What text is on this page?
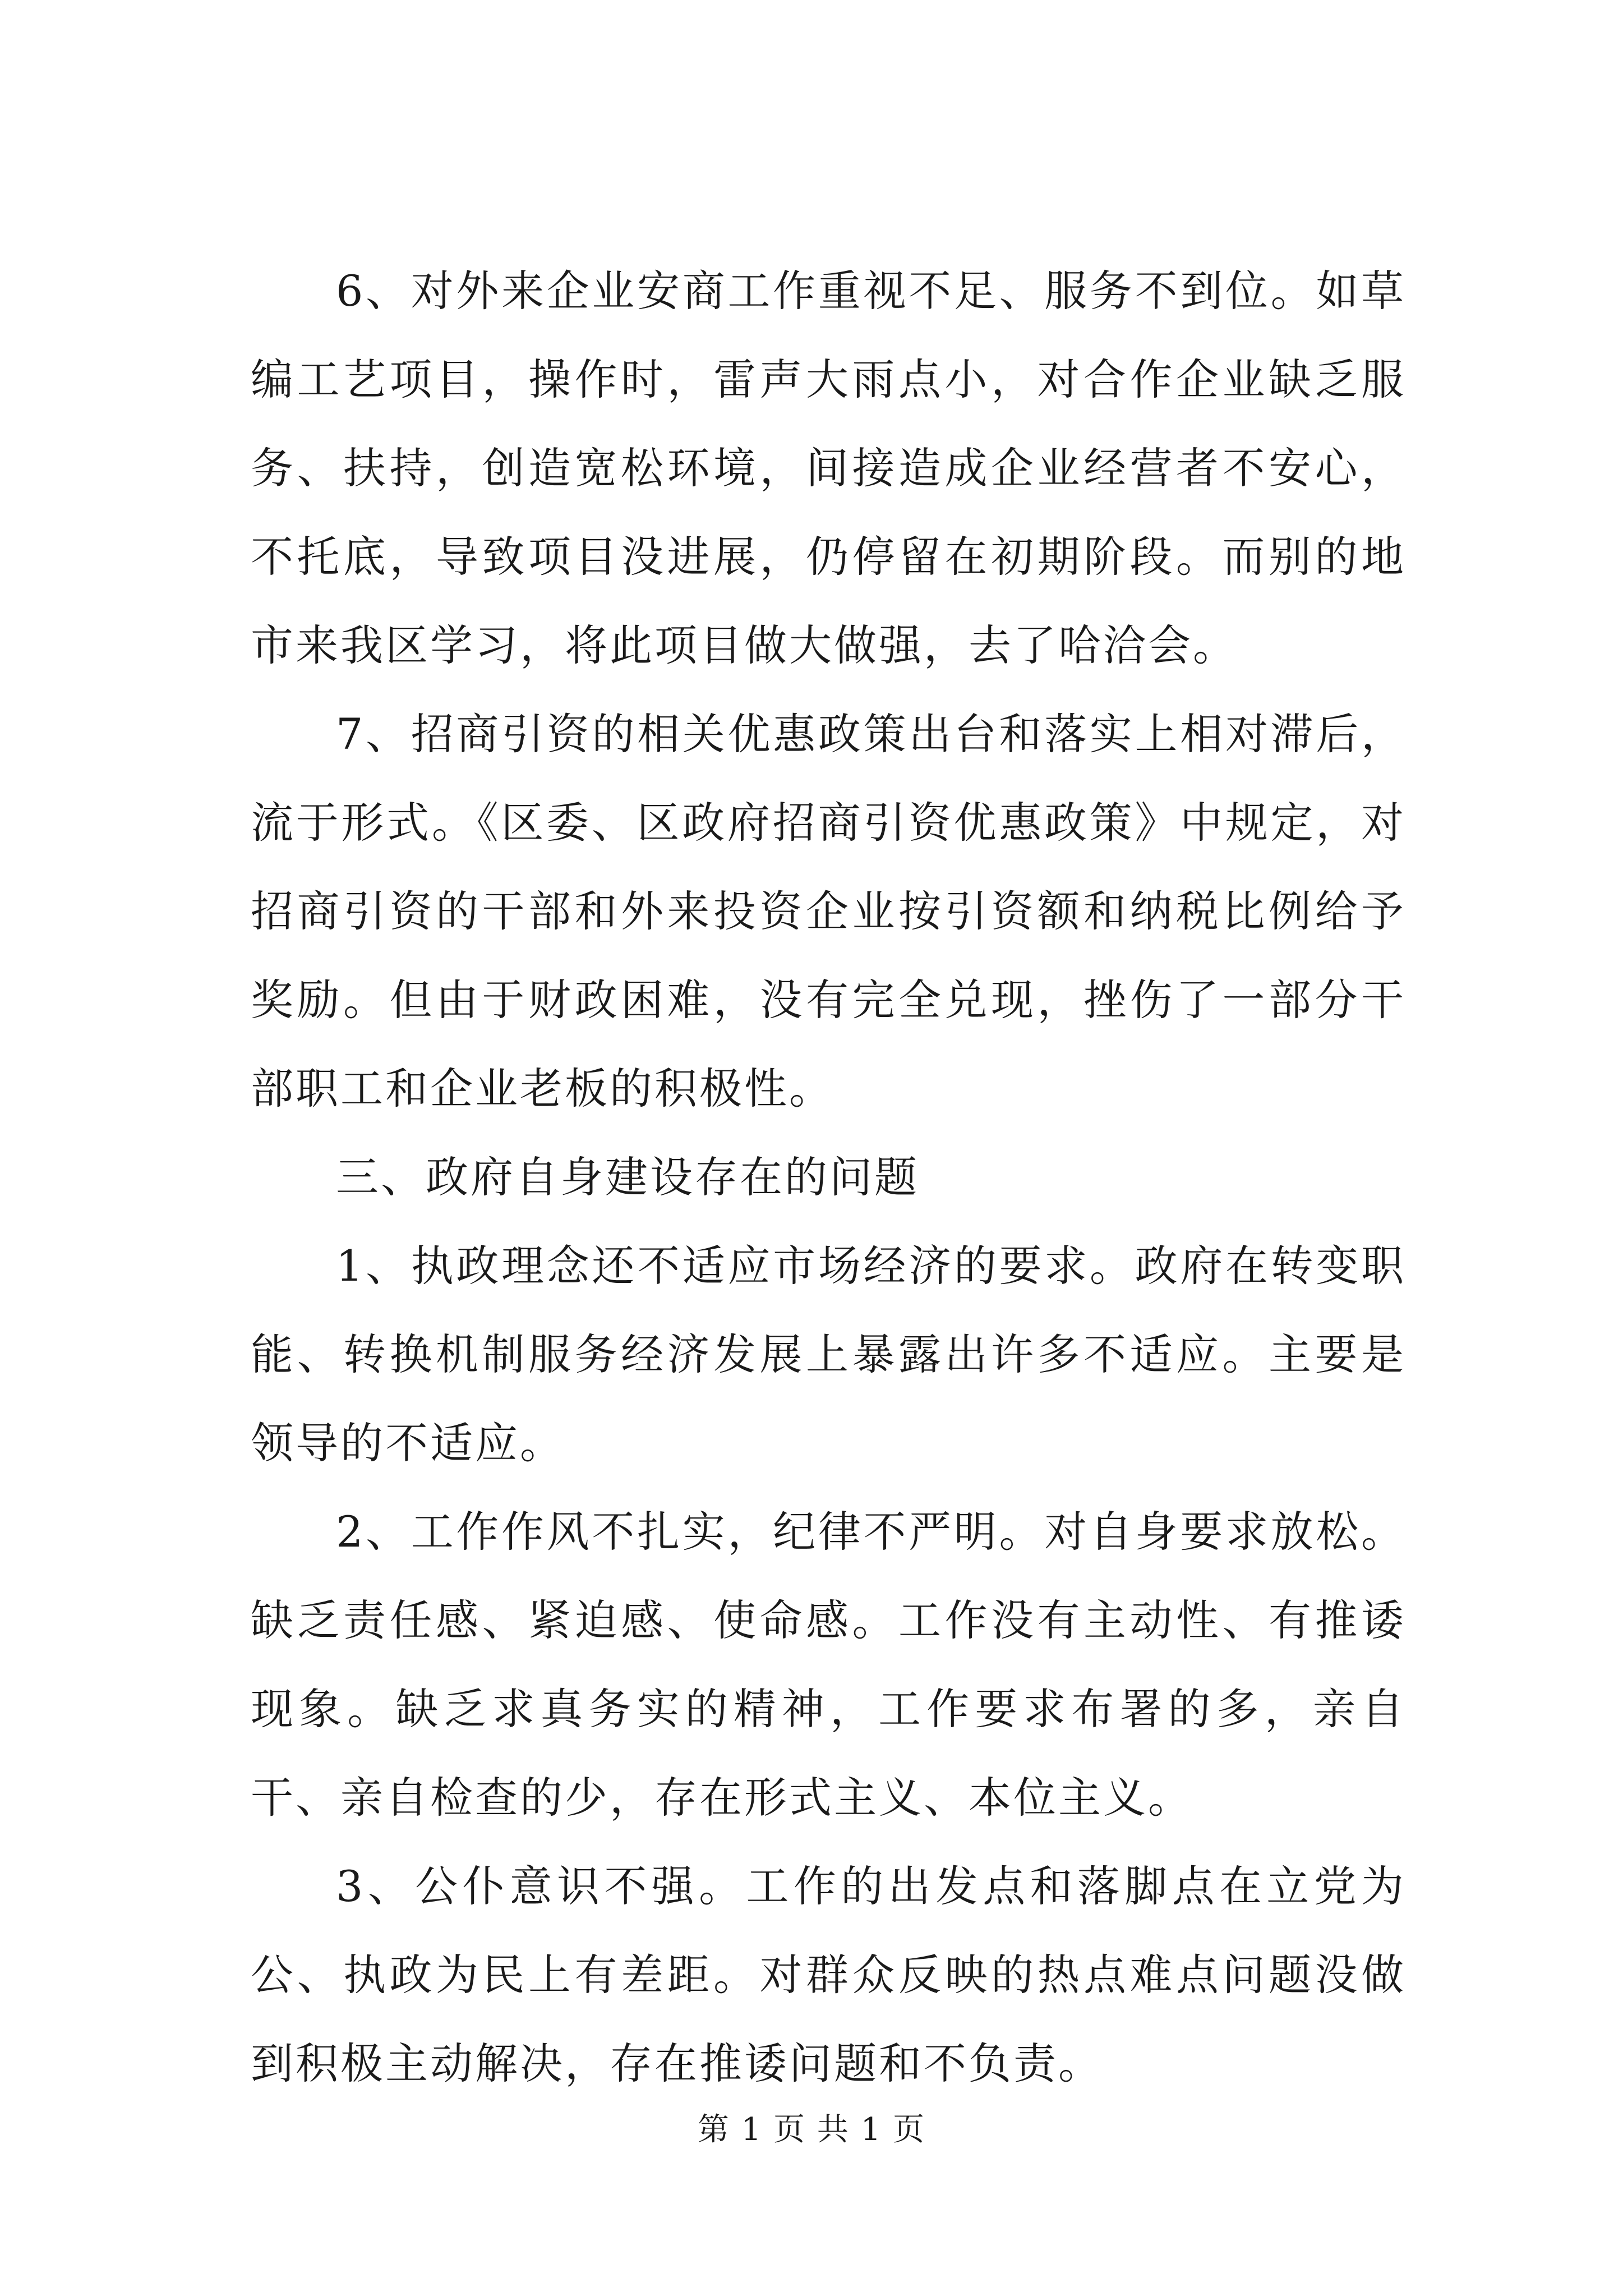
6、对外来企业安商工作重视不足、服务不到位。如草编工艺项目，操作时，雷声大雨点小，对合作企业缺乏服务、扶持，创造宽松环境，间接造成企业经营者不安心，不托底，导致项目没进展，仍停留在初期阶段。而别的地市来我区学习，将此项目做大做强，去了哈洽会。

7、招商引资的相关优惠政策出台和落实上相对滞后，流于形式。《区委、区政府招商引资优惠政策》中规定，对招商引资的干部和外来投资企业按引资额和纳税比例给予奖励。但由于财政困难，没有完全兑现，挫伤了一部分干部职工和企业老板的积极性。

三、政府自身建设存在的问题

1、执政理念还不适应市场经济的要求。政府在转变职能、转换机制服务经济发展上暴露出许多不适应。主要是领导的不适应。

2、工作作风不扎实，纪律不严明。对自身要求放松。缺乏责任感、紧迫感、使命感。工作没有主动性、有推诿现象。缺乏求真务实的精神，工作要求布署的多，亲自干、亲自检查的少，存在形式主义、本位主义。

3、公仆意识不强。工作的出发点和落脚点在立党为公、执政为民上有差距。对群众反映的热点难点问题没做到积极主动解决，存在推诿问题和不负责。

第 1 页 共 1 页
